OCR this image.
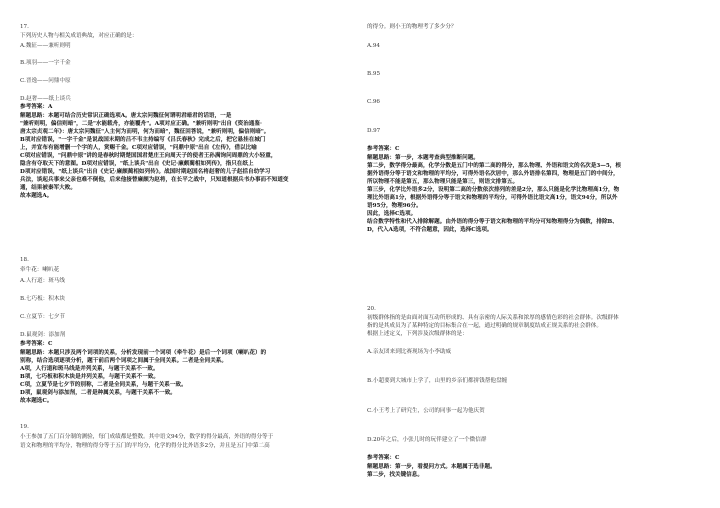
17.
下列历史人物与相关成语典故，对应正确的是：
A.魏征——兼听则明
B.项羽——一字千金
C.晋逸——问鼎中原
D.赵奢——纸上谈兵
参考答案：A
解题思路：本题可结合历史常识正确选项A。唐太宗问魏征何谓明君暗君的话语，一是
"兼听则明，偏信则暗"，二是"水能载舟，亦能覆舟"。A项对应正确。"兼听则明"出自《资治通鉴·
唐太宗贞观二年》：唐太宗问魏征"人主何为而明，何为而暗"，魏征回答说，"兼听则明，偏信则暗"。
B项对应错误，"一字千金"是说战国末期的吕不韦主持编写《吕氏春秋》完成之后，把它悬挂在城门
上，并宣布有能增删一个字的人，赏赐千金。C项对应错误，"问鼎中原"出自《左传》，借以比喻
C项对应错误，"问鼎中原"讲的是春秋时期楚国国君楚庄王向周天子的使者王孙满询问周鼎的大小轻重，
隐含有夺取天下的意图。D项对应错误，"纸上谈兵"出自《史记·廉颇蔺相如列传》，指只在纸上
D项对应错误，"纸上谈兵"出自《史记·廉颇蔺相如列传》。战国时期赵国名将赵奢的儿子赵括自幼学习
兵法，谈起兵事来父亲也难不倒他，后来他接替廉颇为赵将，在长平之战中，只知道根据兵书办事而不知道变
通，结果被秦军大败。
故本题选A。
18.
牵牛花：喇叭花
A.人行道：斑马线
B.七巧板：积木块
C.立夏节：七夕节
D.鼠观剑：添加剂
参考答案：C
解题思路：本题只涉及两个词项的关系，分析发现前一个词项（牵牛花）是后一个词项（喇叭花）的
别称，结合选项逐项分析，题干前后两个词项之间属于全同关系。二者是全同关系。
A项，人行道和斑马线是并列关系，与题干关系不一致。
B项，七巧板和积木块是并列关系，与题干关系不一致。
C项，立夏节是七夕节的别称，二者是全同关系，与题干关系一致。
D项，鼠观剑与添加剂，二者是种属关系，与题干关系不一致。
故本题选C。
19.
小王参加了五门百分制的测验，每门成绩都是整数。其中语文94分，数学的得分最高，外语的得分等于
语文和物理的平均分，物理的得分等于五门的平均分，化学的得分比外语多2分，并且是五门中第二高
的得分。则小王的物理考了多少分？
A.94
B.95
C.96
D.97
参考答案：C
解题思路：第一步，本题考查典型推断问题。
第二步，数学得分最高，化学分数是五门中的第二高的得分，那么物理、外语和语文的名次是3—5，根
据外语得分等于语文和物理的平均分，可得外语名次居中，那么外语排名第四，物理是五门的中间分，
所以物理不能是第五，那么物理只能是第三，则语文排第五。
第三步，化学比外语多2分，设明第二高的分数依次排列的差是2分，那么只能是化学比物理高1分，物
理比外语高1分，根据外语得分等于语文和物理的平均分，可得外语比语文高1分，语文94分，所以外
语95分，物理96分。
因此，选择C选项。
结合数学特性和代入排除解题。由外语的得分等于语文和物理的平均分可知物理得分为偶数，排除B、
D，代入A选项，不符合题意，因此，选择C选项。
20.
初级群体指的是由面对面互动所形成的、具有亲密的人际关系和浓厚的感情色彩的社会群体。次级群体
指的是其成员为了某种特定的目标集合在一起，通过明确的规章制度结成正规关系的社会群体。
根据上述定义，下列涉及次级群体的是：
A.亲友团来到比赛现场为小李助威
B.小超要到大城市上学了，山里的乡亲们都拼钱帮他盘缠
C.小王考上了研究生，公司的同事一起为他庆贺
D.20年之后，小张儿时的玩伴建立了一个微信群
参考答案：C
解题思路：第一步，看提问方式。本题属于选非题。
第二步，找关键信息。
